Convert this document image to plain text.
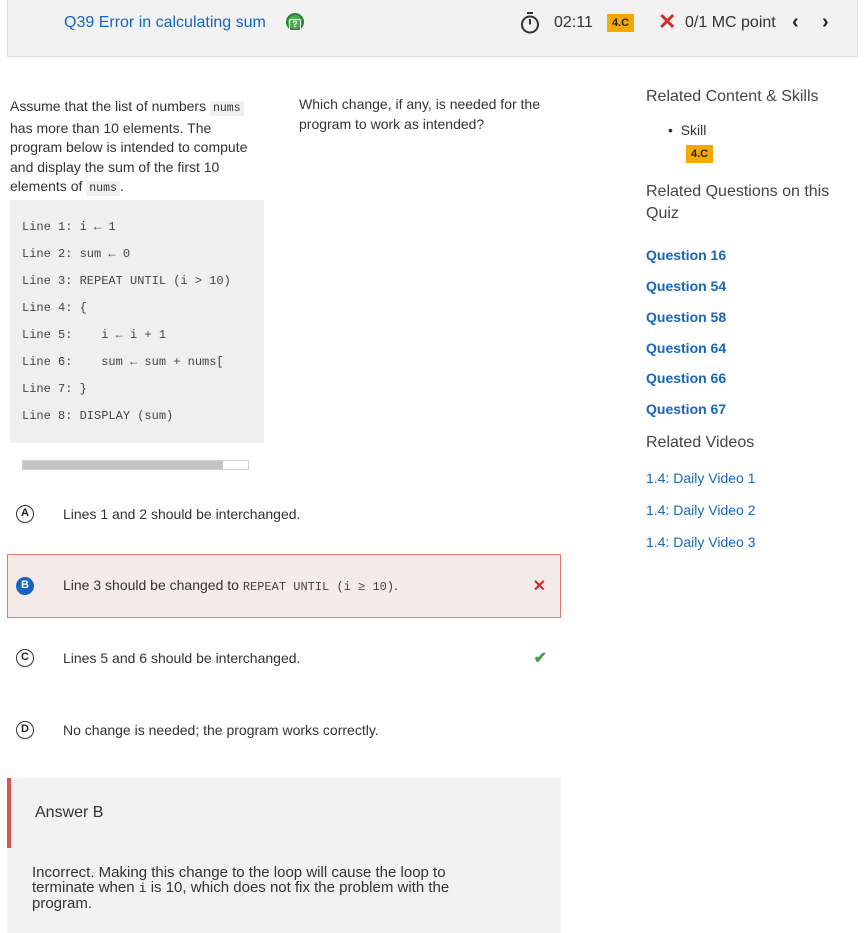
Q39 Error in calculating sum	?	02:11	4.C ✕ 0/1 MC point ‹ ›
Assume that the list of numbers nums has more than 10 elements. The program below is intended to compute and display the sum of the first 10 elements of nums .
Which change, if any, is needed for the program to work as intended?
Line 1: i ← 1
Line 2: sum ← 0
Line 3: REPEAT UNTIL (i > 10)
Line 4: {
Line 5:    i ← i + 1
Line 6:    sum ← sum + nums[
Line 7: }
Line 8: DISPLAY (sum)
A	Lines 1 and 2 should be interchanged.
B	Line 3 should be changed to REPEAT UNTIL (i ≥ 10).	✕
C	Lines 5 and 6 should be interchanged.	✔
D	No change is needed; the program works correctly.
Answer B
Incorrect. Making this change to the loop will cause the loop to terminate when i is 10, which does not fix the problem with the program.
Related Content & Skills
•  Skill
4.C
Related Questions on this Quiz
Question 16
Question 54
Question 58
Question 64
Question 66
Question 67
Related Videos
1.4: Daily Video 1
1.4: Daily Video 2
1.4: Daily Video 3
